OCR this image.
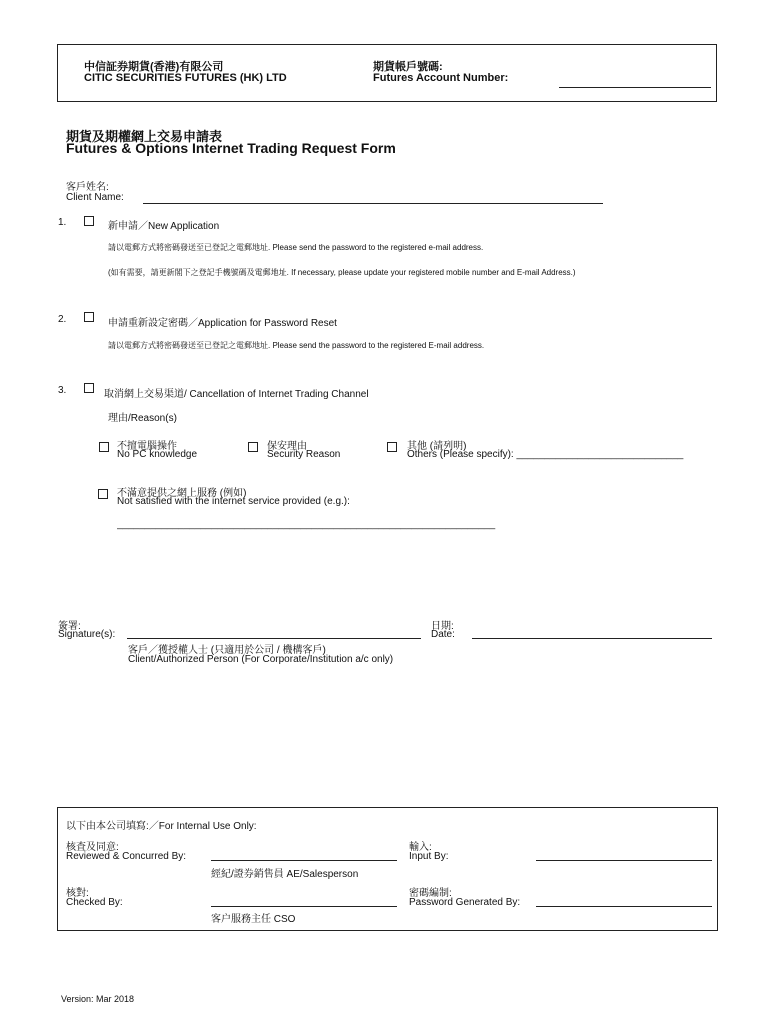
中信証券期貨(香港)有限公司
CITIC SECURITIES FUTURES (HK) LTD
期貨帳戶號碼:
Futures Account Number:
期貨及期權網上交易申請表
Futures & Options Internet Trading Request Form
客戶姓名:
Client Name:
1.	新申請／New Application
請以電郵方式將密碼發送至已登記之電郵地址. Please send the password to the registered e-mail address.
(如有需要，請更新閣下之登記手機號碼及電郵地址. If necessary, please update your registered mobile number and E-mail Address.)
2.	申請重新設定密碼／Application for Password Reset
請以電郵方式將密碼發送至已登記之電郵地址. Please send the password to the registered E-mail address.
3.	取消網上交易渠道/ Cancellation of Internet Trading Channel
理由/Reason(s)
不擅電腦操作
No PC knowledge
保安理由
Security Reason
其他 (請列明)
Others (Please specify): ______________________________
不滿意提供之網上服務 (例如)
Not satisfied with the internet service provided (e.g.):
____________________________________________________________________
簽署:
Signature(s):
客戶／獲授權人士 (只適用於公司 / 機構客戶)
Client/Authorized Person (For Corporate/Institution a/c only)
日期:
Date:
以下由本公司填寫:／For Internal Use Only:
核査及同意:
Reviewed & Concurred By:
經紀/證券銷售員 AE/Salesperson
輸入:
Input By:
核對:
Checked By:
客户服務主任 CSO
密碼編制:
Password Generated By:
Version: Mar 2018
